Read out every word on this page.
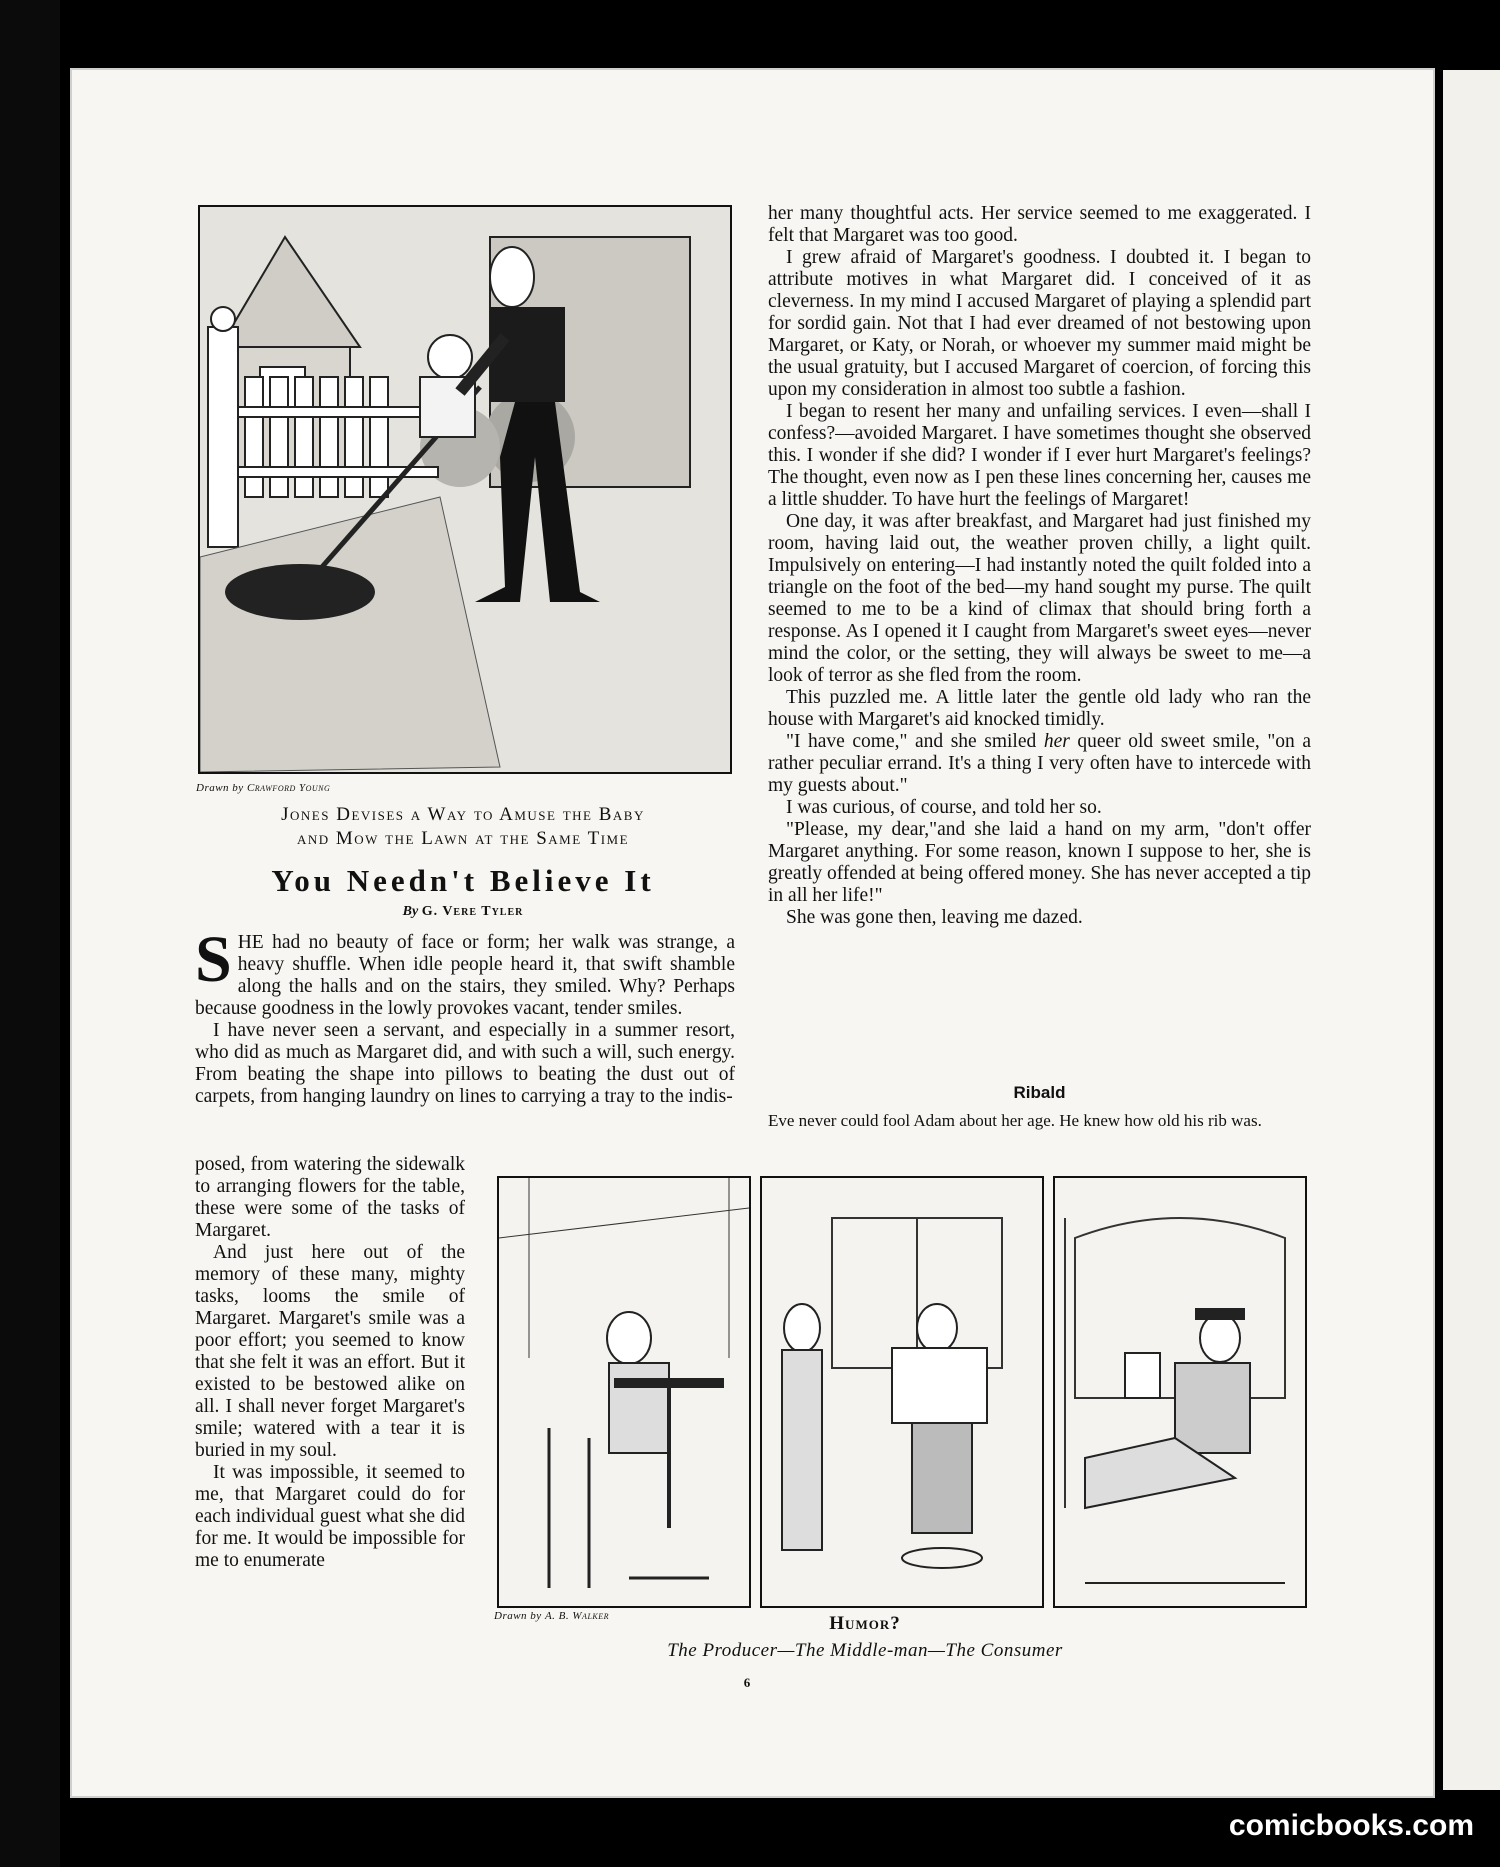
Drawn by Crawford Young
Jones Devises a Way to Amuse the Baby
and Mow the Lawn at the Same Time
You Needn't Believe It
By G. Vere Tyler

SHE had no beauty of face or form; her walk was strange, a heavy shuffle. When idle people heard it, that swift shamble along the halls and on the stairs, they smiled. Why? Perhaps because goodness in the lowly provokes vacant, tender smiles.

I have never seen a servant, and especially in a summer resort, who did as much as Margaret did, and with such a will, such energy. From beating the shape into pillows to beating the dust out of carpets, from hanging laundry on lines to carrying a tray to the indis-

posed, from watering the sidewalk to arranging flowers for the table, these were some of the tasks of Margaret.

And just here out of the memory of these many, mighty tasks, looms the smile of Margaret. Margaret's smile was a poor effort; you seemed to know that she felt it was an effort. But it existed to be bestowed alike on all. I shall never forget Margaret's smile; watered with a tear it is buried in my soul.

It was impossible, it seemed to me, that Margaret could do for each individual guest what she did for me. It would be impossible for me to enumerate

her many thoughtful acts. Her service seemed to me exaggerated. I felt that Margaret was too good.

I grew afraid of Margaret's goodness. I doubted it. I began to attribute motives in what Margaret did. I conceived of it as cleverness. In my mind I accused Margaret of playing a splendid part for sordid gain. Not that I had ever dreamed of not bestowing upon Margaret, or Katy, or Norah, or whoever my summer maid might be the usual gratuity, but I accused Margaret of coercion, of forcing this upon my consideration in almost too subtle a fashion.

I began to resent her many and unfailing services. I even—shall I confess?—avoided Margaret. I have sometimes thought she observed this. I wonder if she did? I wonder if I ever hurt Margaret's feelings? The thought, even now as I pen these lines concerning her, causes me a little shudder. To have hurt the feelings of Margaret!

One day, it was after breakfast, and Margaret had just finished my room, having laid out, the weather proven chilly, a light quilt. Impulsively on entering—I had instantly noted the quilt folded into a triangle on the foot of the bed—my hand sought my purse. The quilt seemed to me to be a kind of climax that should bring forth a response. As I opened it I caught from Margaret's sweet eyes—never mind the color, or the setting, they will always be sweet to me—a look of terror as she fled from the room.

This puzzled me. A little later the gentle old lady who ran the house with Margaret's aid knocked timidly.

"I have come," and she smiled her queer old sweet smile, "on a rather peculiar errand. It's a thing I very often have to intercede with my guests about."

I was curious, of course, and told her so.

"Please, my dear,"and she laid a hand on my arm, "don't offer Margaret anything. For some reason, known I suppose to her, she is greatly offended at being offered money. She has never accepted a tip in all her life!"

She was gone then, leaving me dazed.

Ribald
Eve never could fool Adam about her age. He knew how old his rib was.
Drawn by A. B. Walker	Humor?
The Producer—The Middle-man—The Consumer
6
comicbooks.com
